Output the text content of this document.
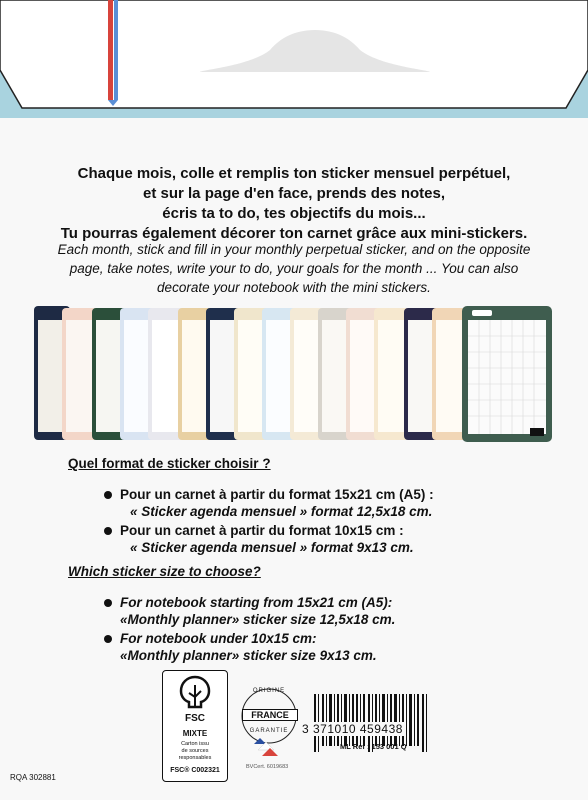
Chaque mois, colle et remplis ton sticker mensuel perpétuel,
et sur la page d'en face, prends des notes,
écris ta to do, tes objectifs du mois...
Tu pourras également décorer ton carnet grâce aux mini-stickers.
Each month, stick and fill in your monthly perpetual sticker, and on the opposite
page, take notes, write your to do, your goals for the month ... You can also
decorate your notebook with the mini stickers.
Quel format de sticker choisir ?
Pour un carnet à partir du format 15x21 cm (A5) :
« Sticker agenda mensuel » format 12,5x18 cm.
Pour un carnet à partir du format 10x15 cm :
« Sticker agenda mensuel » format 9x13 cm.
Which sticker size to choose?
For notebook starting from 15x21 cm (A5):
«Monthly planner» sticker size 12,5x18 cm.
For notebook under 10x15 cm:
«Monthly planner» sticker size 9x13 cm.
FSC
MIXTE
Carton issu
de sources
responsables
FSC® C002321
ORIGINE
FRANCE
GARANTIE
BVCert. 6019683
3 371010 459438
ML Ref : 153 001 Q
RQA 302881
